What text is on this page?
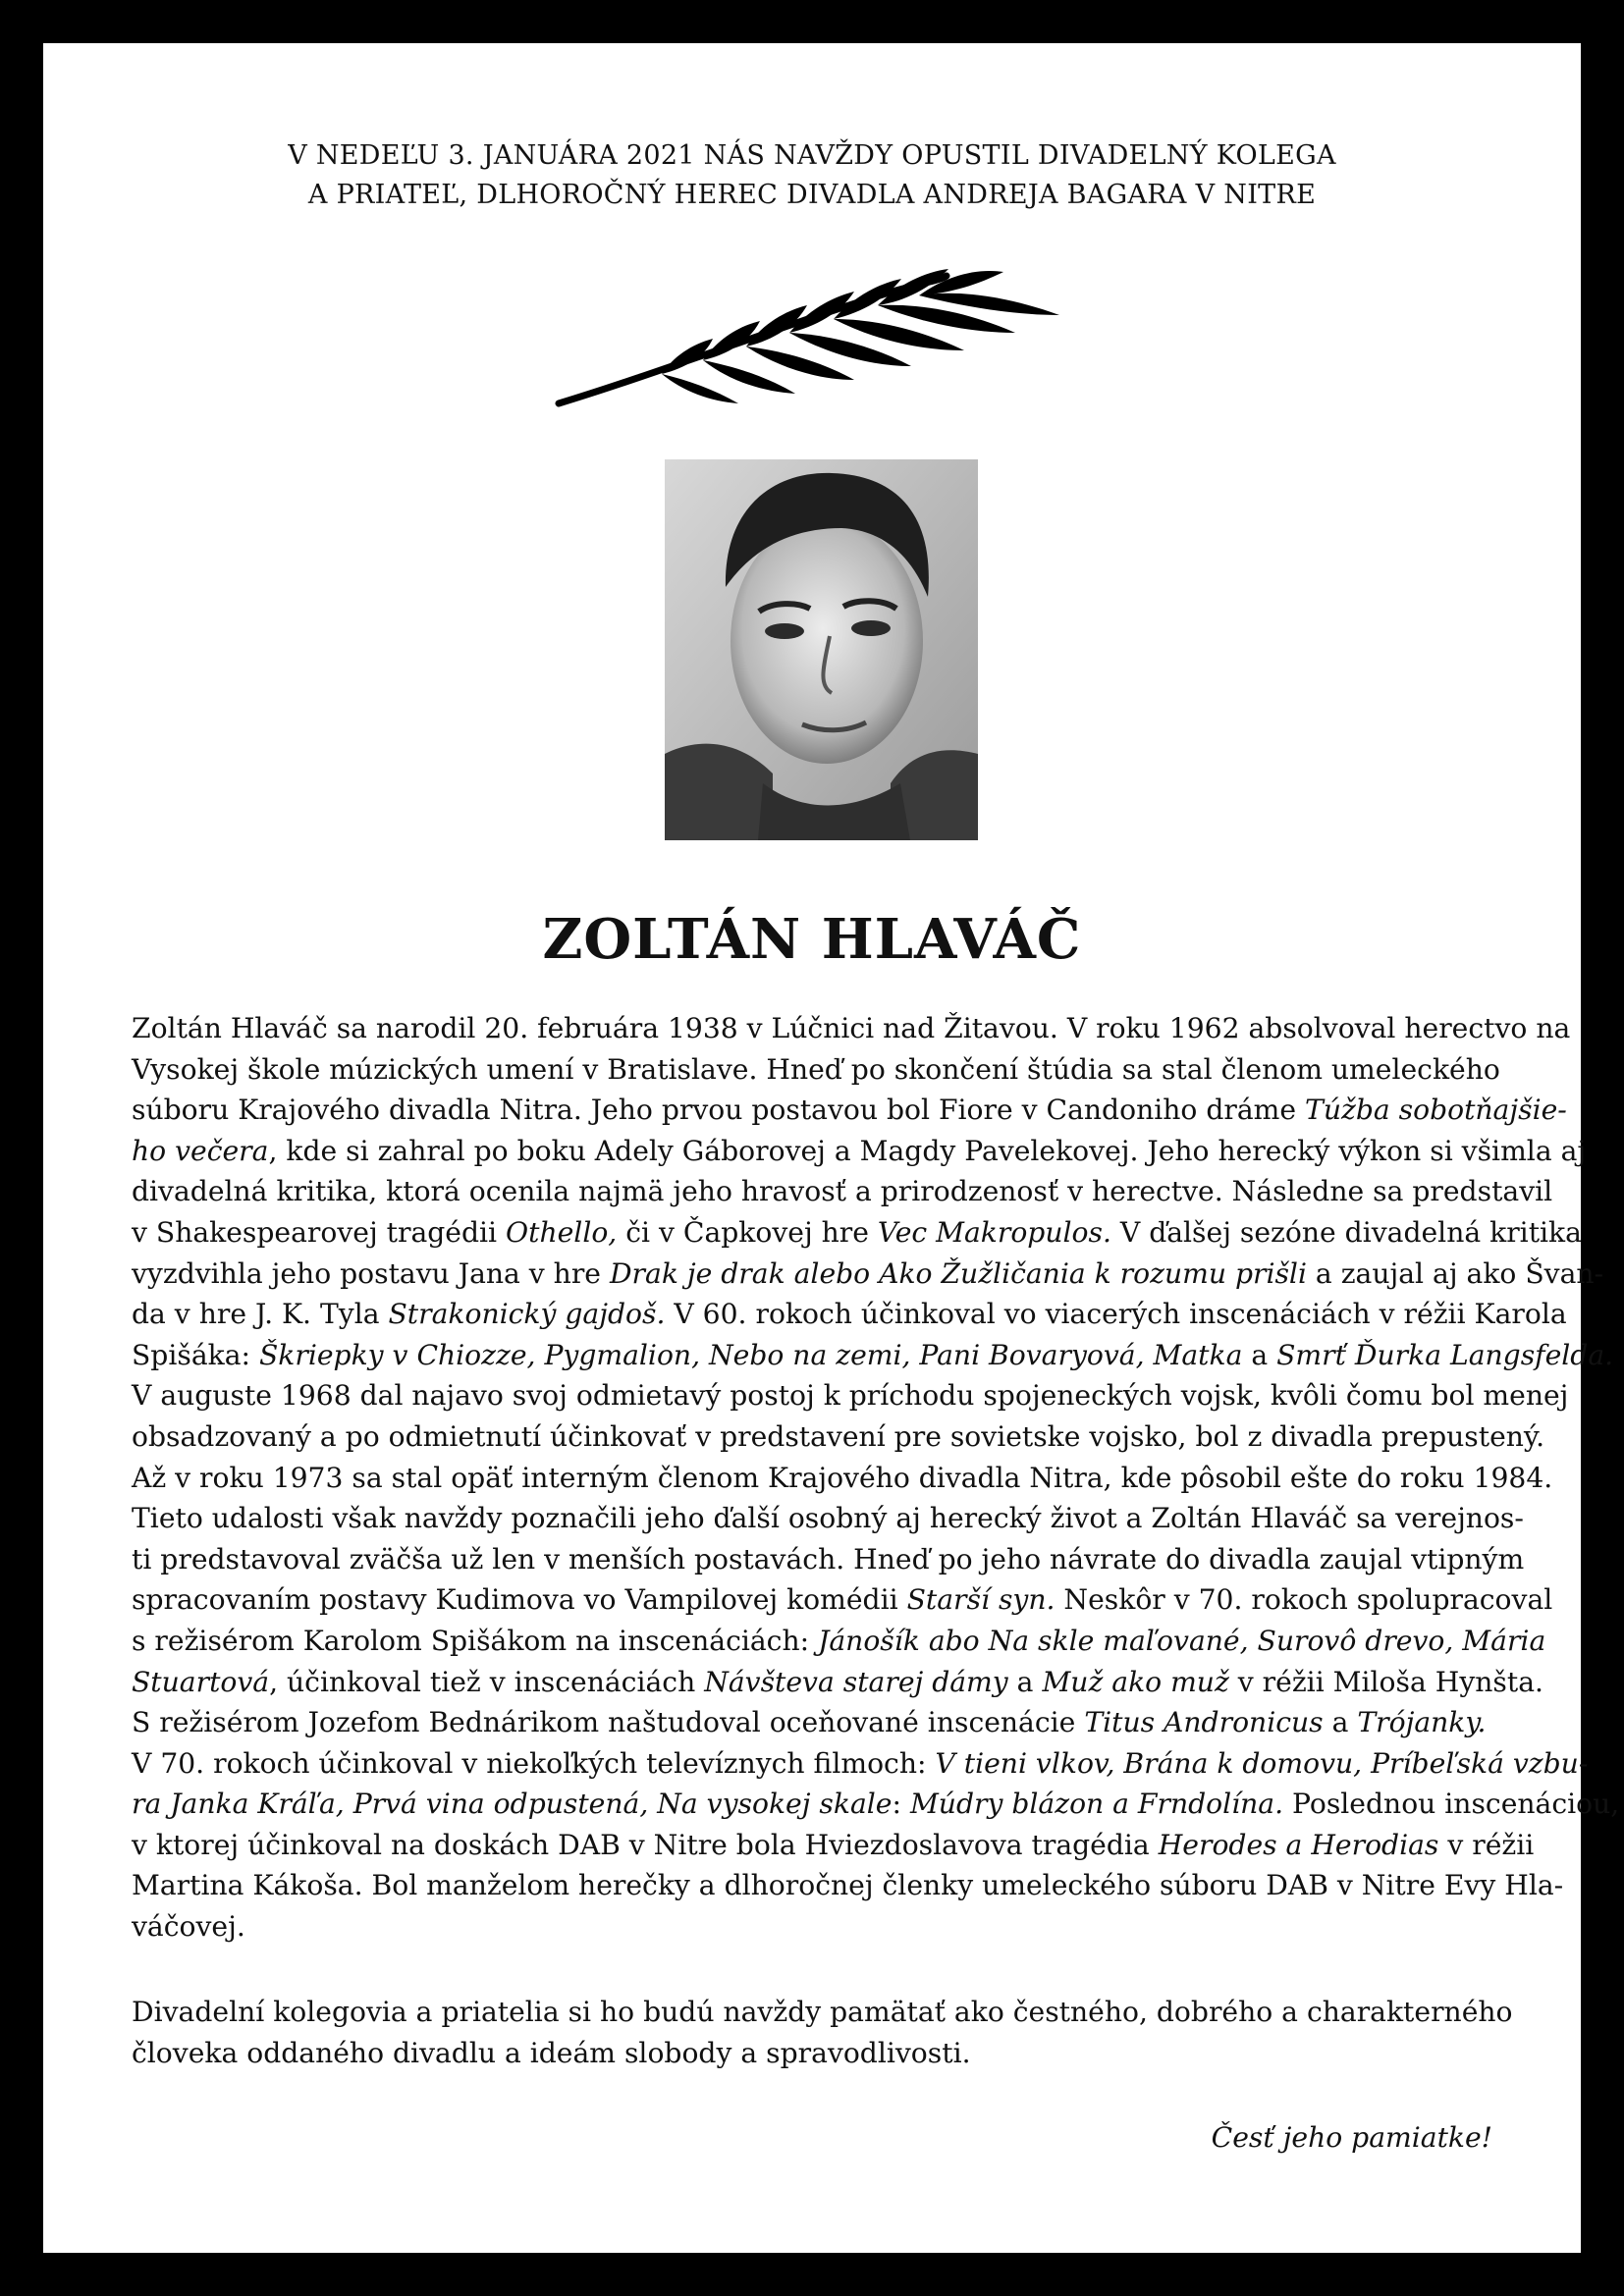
V NEDEĽU 3. JANUÁRA 2021 NÁS NAVŽDY OPUSTIL DIVADELNÝ KOLEGA
A PRIATEĽ, DLHOROČNÝ HEREC DIVADLA ANDREJA BAGARA V NITRE
ZOLTÁN HLAVÁČ
Zoltán Hlaváč sa narodil 20. februára 1938 v Lúčnici nad Žitavou. V roku 1962 absolvoval herectvo na
Vysokej škole múzických umení v Bratislave. Hneď po skončení štúdia sa stal členom umeleckého
súboru Krajového divadla Nitra. Jeho prvou postavou bol Fiore v Candoniho dráme Túžba sobotňajšie-
ho večera, kde si zahral po boku Adely Gáborovej a Magdy Pavelekovej. Jeho herecký výkon si všimla aj
divadelná kritika, ktorá ocenila najmä jeho hravosť a prirodzenosť v herectve. Následne sa predstavil
v Shakespearovej tragédii Othello, či v Čapkovej hre Vec Makropulos. V ďalšej sezóne divadelná kritika
vyzdvihla jeho postavu Jana v hre Drak je drak alebo Ako Žužličania k rozumu prišli a zaujal aj ako Švan-
da v hre J. K. Tyla Strakonický gajdoš. V 60. rokoch účinkoval vo viacerých inscenáciách v réžii Karola
Spišáka: Škriepky v Chiozze, Pygmalion, Nebo na zemi, Pani Bovaryová, Matka a Smrť Ďurka Langsfelda.
V auguste 1968 dal najavo svoj odmietavý postoj k príchodu spojeneckých vojsk, kvôli čomu bol menej
obsadzovaný a po odmietnutí účinkovať v predstavení pre sovietske vojsko, bol z divadla prepustený.
Až v roku 1973 sa stal opäť interným členom Krajového divadla Nitra, kde pôsobil ešte do roku 1984.
Tieto udalosti však navždy poznačili jeho ďalší osobný aj herecký život a Zoltán Hlaváč sa verejnos-
ti predstavoval zväčša už len v menších postavách. Hneď po jeho návrate do divadla zaujal vtipným
spracovaním postavy Kudimova vo Vampilovej komédii Starší syn. Neskôr v 70. rokoch spolupracoval
s režisérom Karolom Spišákom na inscenáciách: Jánošík abo Na skle maľované, Surovô drevo, Mária
Stuartová, účinkoval tiež v inscenáciách Návšteva starej dámy a Muž ako muž v réžii Miloša Hynšta.
S režisérom Jozefom Bednárikom naštudoval oceňované inscenácie Titus Andronicus a Trójanky.
V 70. rokoch účinkoval v niekoľkých televíznych filmoch: V tieni vlkov, Brána k domovu, Príbeľská vzbu-
ra Janka Kráľa, Prvá vina odpustená, Na vysokej skale: Múdry blázon a Frndolína. Poslednou inscenáciou,
v ktorej účinkoval na doskách DAB v Nitre bola Hviezdoslavova tragédia Herodes a Herodias v réžii
Martina Kákoša. Bol manželom herečky a dlhoročnej členky umeleckého súboru DAB v Nitre Evy Hla-
váčovej.
Divadelní kolegovia a priatelia si ho budú navždy pamätať ako čestného, dobrého a charakterného
človeka oddaného divadlu a ideám slobody a spravodlivosti.
Česť jeho pamiatke!
